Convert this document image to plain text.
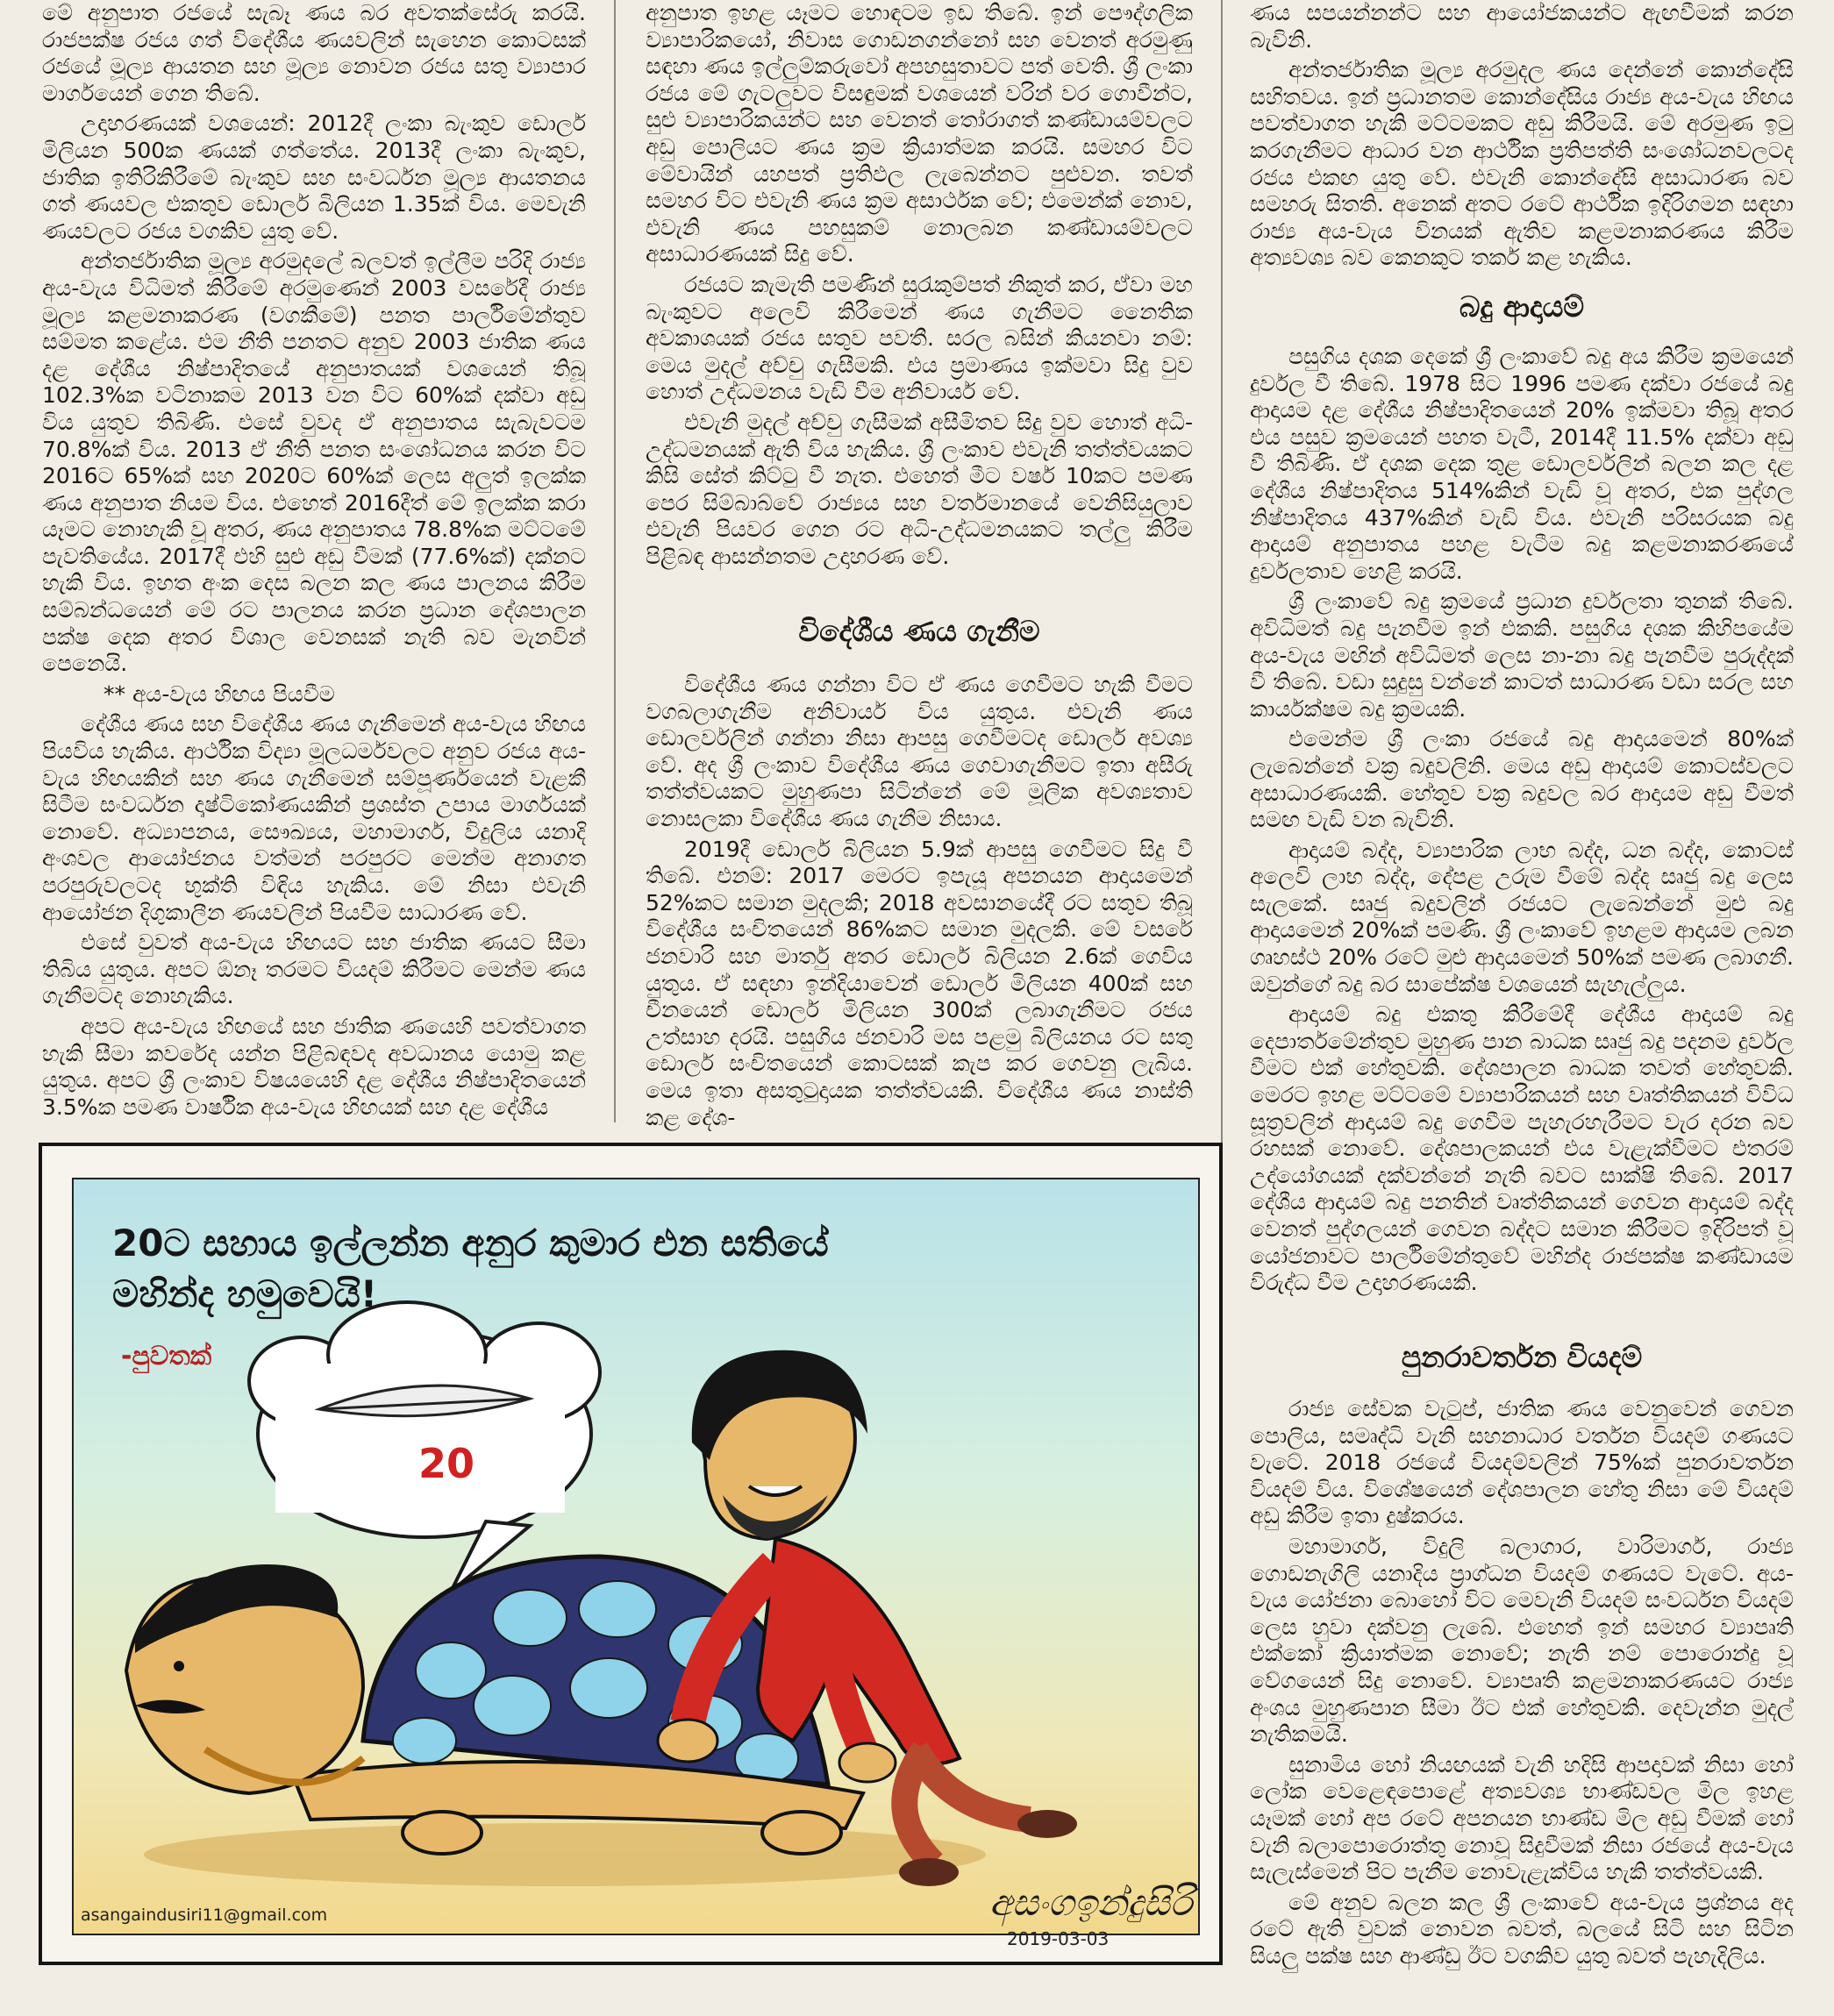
මේ අනුපාත රජයේ සැබෑ ණය බර අවතක්සේරු කරයි. රාජපක්ෂ රජය ගත් විදේශීය ණයවලින් සැහෙන කොටසක් රජයේ මූල්‍ය ආයතන සහ මූල්‍ය නොවන රජය සතු ව්‍යාපාර මාර්ගයෙන් ගෙන තිබේ.

උදාහරණයක් වශයෙන්: 2012දී ලංකා බැංකුව ඩොලර් මිලියන 500ක ණයක් ගත්තේය. 2013දී ලංකා බැංකුව, ජාතික ඉතිරිකිරීමේ බැංකුව සහ සංවර්ධන මූල්‍ය ආයතනය ගත් ණයවල එකතුව ඩොලර් බිලියන 1.35ක් විය. මෙවැනි ණයවලට රජය වගකිව යුතු වේ.

අන්තර්ජාතික මූල්‍ය අරමුදලේ බලවත් ඉල්ලීම පරිදි රාජ්‍ය අය-වැය විධිමත් කිරීමේ අරමුණෙන් 2003 වසරේදී රාජ්‍ය මූල්‍ය කළමනාකරණ (වගකීමේ) පනත පාර්ලිමේන්තුව සම්මත කළේය. එම නීති පනතට අනුව 2003 ජාතික ණය දළ දේශීය නිෂ්පාදිතයේ අනුපාතයක් වශයෙන් තිබූ 102.3%ක වටිනාකම 2013 වන විට 60%ක් දක්වා අඩු විය යුතුව තිබිණි. එසේ වුවද ඒ අනුපාතය සැබැවටම 70.8%ක් විය. 2013 ඒ නීති පනත සංශෝධනය කරන විට 2016ට 65%ක් සහ 2020ට 60%ක් ලෙස අලුත් ඉලක්ක ණය අනුපාත නියම විය. එහෙත් 2016දීත් මේ ඉලක්ක කරා යෑමට නොහැකි වූ අතර, ණය අනුපාතය 78.8%ක මට්ටමේ පැවතියේය. 2017දී එහි සුළු අඩු වීමක් (77.6%ක්) දක්නට හැකි විය. ඉහත අංක දෙස බලන කල ණය පාලනය කිරීම සම්බන්ධයෙන් මේ රට පාලනය කරන ප්‍රධාන දේශපාලන පක්ෂ දෙක අතර විශාල වෙනසක් නැති බව මැනවින් පෙනෙයි.

** අය-වැය හිඟය පියවීම

දේශීය ණය සහ විදේශීය ණය ගැනීමෙන් අය-වැය හිඟය පියවිය හැකිය. ආර්ථික විද්‍යා මූලධර්මවලට අනුව රජය අය-වැය හිඟයකින් සහ ණය ගැනීමෙන් සම්පූර්ණයෙන් වැළකී සිටීම සංවර්ධන දෘෂ්ටිකෝණයකින් ප්‍රශස්ත උපාය මාර්ගයක් නොවේ. අධ්‍යාපනය, සෞඛ්‍යය, මහාමාර්ග, විදුලිය යනාදි අංශවල ආයෝජනය වත්මන් පරපුරට මෙන්ම අනාගත පරපුරුවලටද භුක්ති විඳිය හැකිය. මේ නිසා එවැනි ආයෝජන දිගුකාලීන ණයවලින් පියවීම සාධාරණ වේ.

එසේ වුවත් අය-වැය හිඟයට සහ ජාතික ණයට සීමා තිබිය යුතුය. අපට ඕනෑ තරමට වියදම් කිරීමට මෙන්ම ණය ගැනීමටද නොහැකිය.

අපට අය-වැය හිඟයේ සහ ජාතික ණයෙහි පවත්වාගත හැකි සීමා කවරේද යන්න පිළිබඳවද අවධානය යොමු කළ යුතුය. අපට ශ්‍රී ලංකාව විෂයයෙහි දළ දේශීය නිෂ්පාදිතයෙන් 3.5%ක පමණ වාර්ෂික අය-වැය හිඟයක් සහ දළ දේශීය

අනුපාත ඉහළ යෑමට හොඳටම ඉඩ තිබේ. ඉන් පෞද්ගලික ව්‍යාපාරිකයෝ, නිවාස ගොඩනගන්නෝ සහ වෙනත් අරමුණු සඳහා ණය ඉල්ලුම්කරුවෝ අපහසුතාවට පත් වෙති. ශ්‍රී ලංකා රජය මේ ගැටලුවට විසඳුමක් වශයෙන් වරින් වර ගොවීන්ට, සුළු ව්‍යාපාරිකයන්ට සහ වෙනත් තෝරාගත් කණ්ඩායම්වලට අඩු පොලියට ණය ක්‍රම ක්‍රියාත්මක කරයි. සමහර විට මේවායින් යහපත් ප්‍රතිඵල ලැබෙන්නට පුළුවන. තවත් සමහර විට එවැනි ණය ක්‍රම අසාර්ථක වේ; එමෙන්ක් නොව, එවැනි ණය පහසුකම් නොලබන කණ්ඩායම්වලට අසාධාරණයක් සිදු වේ.

රජයට කැමැති පමණින් සුරැකුම්පත් නිකුත් කර, ඒවා මහ බැංකුවට අලෙවි කිරීමෙන් ණය ගැනීමට නෛතික අවකාශයක් රජය සතුව පවතී. සරල බසින් කියනවා නම්: මෙය මුදල් අච්චු ගැසීමකි. එය ප්‍රමාණය ඉක්මවා සිදු වුව හොත් උද්ධමනය වැඩි වීම අනිවාර්ය වේ.

එවැනි මුදල් අච්චු ගැසීමක් අසීමිතව සිදු වුව හොත් අධි-උද්ධමනයක් ඇති විය හැකිය. ශ්‍රී ලංකාව එවැනි තත්ත්වයකට කිසි සේත් කිට්ටු වී නැත. එහෙත් මීට වර්ෂ 10කට පමණ පෙර සිම්බාබ්වේ රාජ්‍යය සහ වර්තමානයේ වෙනිසියුලාව එවැනි පියවර ගෙන රට අධි-උද්ධමනයකට තල්ලු කිරීම පිළිබඳ ආසන්නතම උදාහරණ වේ.

විදේශීය ණය ගැනීම

විදේශීය ණය ගන්නා විට ඒ ණය ගෙවීමට හැකි වීමට වගබලාගැනීම අනිවාර්ය විය යුතුය. එවැනි ණය ඩොලර්වලින් ගන්නා නිසා ආපසු ගෙවීමටද ඩොලර් අවශ්‍ය වේ. අද ශ්‍රී ලංකාව විදේශීය ණය ගෙවාගැනීමට ඉතා අසීරු තත්ත්වයකට මුහුණපා සිටින්නේ මේ මූලික අවශ්‍යතාව නොසලකා විදේශීය ණය ගැනීම නිසාය.

2019දී ඩොලර් බිලියන 5.9ක් ආපසු ගෙවීමට සිදු වී තිබේ. එනම්: 2017 මෙරට ඉපැයූ අපනයන ආදායමෙන් 52%කට සමාන මුදලකි; 2018 අවසානයේදී රට සතුව තිබූ විදේශීය සංචිතයෙන් 86%කට සමාන මුදලකි. මේ වසරේ ජනවාරි සහ මාර්තු අතර ඩොලර් බිලියන 2.6ක් ගෙවිය යුතුය. ඒ සඳහා ඉන්දියාවෙන් ඩොලර් මිලියන 400ක් සහ චීනයෙන් ඩොලර් මිලියන 300ක් ලබාගැනීමට රජය උත්සාහ දරයි. පසුගිය ජනවාරි මස පළමු බිලියනය රට සතු ඩොලර් සංචිතයෙන් කොටසක් කැප කර ගෙවනු ලැබිය. මෙය ඉතා අසතුටුදායක තත්ත්වයකි. විදේශීය ණය නාස්ති කළ දේශ-

ණය සපයන්නන්ට සහ ආයෝජකයන්ට ඇඟවීමක් කරන බැවිනි.

අන්තර්ජාතික මූල්‍ය අරමුදල ණය දෙන්නේ කොන්දේසි සහිතවය. ඉන් ප්‍රධානතම කොන්දේසිය රාජ්‍ය අය-වැය හිඟය පවත්වාගත හැකි මට්ටමකට අඩු කිරීමයි. මේ අරමුණ ඉටු කරගැනීමට ආධාර වන ආර්ථික ප්‍රතිපත්ති සංශෝධනවලටද රජය එකඟ යුතු වේ. එවැනි කොන්දේසි අසාධාරණ බව සමහරු සිතති. අනෙක් අතට රටේ ආර්ථික ඉදිරිගමන සඳහා රාජ්‍ය අය-වැය විනයක් ඇතිව කළමනාකරණය කිරීම අත්‍යවශ්‍ය බව කෙනකුට තර්ක කළ හැකිය.

බදු ආදායම්

පසුගිය දශක දෙකේ ශ්‍රී ලංකාවේ බදු අය කිරීම ක්‍රමයෙන් දුර්වල වී තිබේ. 1978 සිට 1996 පමණ දක්වා රජයේ බදු ආදායම දළ දේශීය නිෂ්පාදිතයෙන් 20% ඉක්මවා තිබූ අතර එය පසුව ක්‍රමයෙන් පහත වැටී, 2014දී 11.5% දක්වා අඩු වී තිබිණි. ඒ දශක දෙක තුළ ඩොලර්වලින් බලන කල දළ දේශීය නිෂ්පාදිතය 514%කින් වැඩි වූ අතර, එක පුද්ගල නිෂ්පාදිතය 437%කින් වැඩි විය. එවැනි පරිසරයක බදු ආදායම් අනුපාතය පහළ වැටීම බදු කළමනාකරණයේ දුර්වලතාව හෙළි කරයි.

ශ්‍රී ලංකාවේ බදු ක්‍රමයේ ප්‍රධාන දුර්වලතා තුනක් තිබේ. අවිධිමත් බදු පැනවීම ඉන් එකකි. පසුගිය දශක කිහිපයේම අය-වැය මඟින් අවිධිමත් ලෙස නා-නා බදු පැනවීම පුරුද්දක් වී තිබේ. වඩා සුදුසු වන්නේ කාටත් සාධාරණ වඩා සරල සහ කාර්යක්ෂම බදු ක්‍රමයකි.

එමෙන්ම ශ්‍රී ලංකා රජයේ බදු ආදායමෙන් 80%ක් ලැබෙන්නේ වක්‍ර බදුවලිනි. මෙය අඩු ආදායම් කොටස්වලට අසාධාරණයකි. හේතුව වක්‍ර බදුවල බර ආදායම අඩු වීමත් සමඟ වැඩි වන බැවිනි.

ආදායම් බද්ද, ව්‍යාපාරික ලාභ බද්ද, ධන බද්ද, කොටස් අලෙවි ලාභ බද්ද, දේපළ උරුම වීමේ බද්ද සෘජු බදු ලෙස සැලකේ. සෘජු බදුවලින් රජයට ලැබෙන්නේ මුළු බදු ආදායමෙන් 20%ක් පමණි. ශ්‍රී ලංකාවේ ඉහළම ආදායම ලබන ගෘහස්ථ 20% රටේ මුළු ආදායමෙන් 50%ක් පමණ ලබාගනී. ඔවුන්ගේ බදු බර සාපේක්ෂ වශයෙන් සැහැල්ලුය.

ආදායම් බදු එකතු කිරීමේදී දේශීය ආදායම් බදු දෙපාර්තමේන්තුව මුහුණ පාන බාධක සෘජු බදු පදනම දුර්වල වීමට එක් හේතුවකි. දේශපාලන බාධක තවත් හේතුවකි. මෙරට ඉහළ මට්ටමේ ව්‍යාපාරිකයන් සහ වෘත්තිකයන් විවිධ සූත්‍රවලින් ආදායම් බදු ගෙවීම පැහැරහැරීමට වැර දරන බව රහසක් නොවේ. දේශපාලකයන් එය වැළැක්වීමට එතරම් උද්යෝගයක් දක්වන්නේ නැති බවට සාක්ෂි තිබේ. 2017 දේශීය ආදායම් බදු පනතින් වෘත්තිකයන් ගෙවන ආදායම් බද්ද වෙනත් පුද්ගලයන් ගෙවන බද්දට සමාන කිරීමට ඉදිරිපත් වූ යෝජනාවට පාර්ලිමේන්තුවේ මහින්ද රාජපක්ෂ කණ්ඩායම විරුද්ධ වීම උදාහරණයකි.

පුනරාවර්තන වියදම්

රාජ්‍ය සේවක වැටුප්, ජාතික ණය වෙනුවෙන් ගෙවන පොලිය, සමෘද්ධි වැනි සහනාධාර වර්තන වියදම් ගණයට වැටේ. 2018 රජයේ වියදම්වලින් 75%ක් පුනරාවර්තන වියදම් විය. විශේෂයෙන් දේශපාලන හේතු නිසා මේ වියදම් අඩු කිරීම ඉතා දුෂ්කරය.

මහාමාර්ග, විදුලි බලාගාර, වාරිමාර්ග, රාජ්‍ය ගොඩනැගිලි යනාදිය ප්‍රාග්ධන වියදම් ගණයට වැටේ. අය-වැය යෝජනා බොහෝ විට මෙවැනි වියදම් සංවර්ධන වියදම් ලෙස හුවා දක්වනු ලැබේ. එහෙත් ඉන් සමහර ව්‍යාපෘති එක්කෝ ක්‍රියාත්මක නොවේ; නැති නම් පොරොන්දු වූ වේගයෙන් සිදු නොවේ. ව්‍යාපෘති කළමනාකරණයට රාජ්‍ය අංශය මුහුණපාන සීමා ඊට එක් හේතුවකි. දෙවැන්න මුදල් නැතිකමයි.

සුනාමිය හෝ නියඟයක් වැනි හදිසි ආපදාවක් නිසා හෝ ලෝක වෙළෙඳපොළේ අත්‍යවශ්‍ය භාණ්ඩවල මිල ඉහළ යෑමක් හෝ අප රටේ අපනයන භාණ්ඩ මිල අඩු වීමක් හෝ වැනි බලාපොරොත්තු නොවූ සිදුවීමක් නිසා රජයේ අය-වැය සැලැස්මෙන් පිට පැනීම නොවැළැක්විය හැකි තත්ත්වයකි.

මේ අනුව බලන කල ශ්‍රී ලංකාවේ අය-වැය ප්‍රශ්නය අද රටේ ඇති වුවක් නොවන බවත්, බලයේ සිටි සහ සිටින සියලු පක්ෂ සහ ආණ්ඩු ඊට වගකිව යුතු බවත් පැහැදිලිය.

20
20ට සහාය ඉල්ලන්න අනුර කුමාර එන සතියේ
මහින්ද හමුවෙයි!
-පුවතක්
asangaindusiri11@gmail.com	අසංගඉන්දුසිරි
2019-03-03
